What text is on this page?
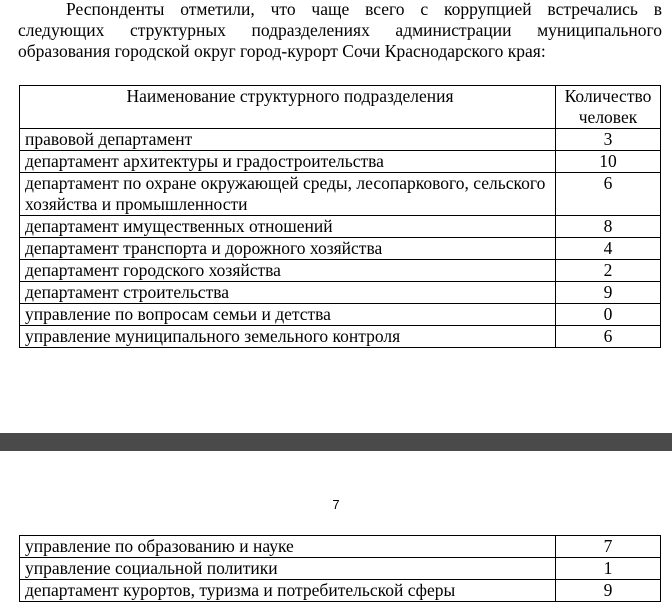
Респонденты отметили, что чаще всего с коррупцией встречались в
следующих структурных подразделениях администрации муниципального
образования городской округ город-курорт Сочи Краснодарского края:
Наименование структурного подразделения	Количество человек
правовой департамент	3
департамент архитектуры и градостроительства	10
департамент по охране окружающей среды, лесопаркового, сельского хозяйства и промышленности	6
департамент имущественных отношений	8
департамент транспорта и дорожного хозяйства	4
департамент городского хозяйства	2
департамент строительства	9
управление по вопросам семьи и детства	0
управление муниципального земельного контроля	6
7
управление по образованию и науке	7
управление социальной политики	1
департамент курортов, туризма и потребительской сферы	9
